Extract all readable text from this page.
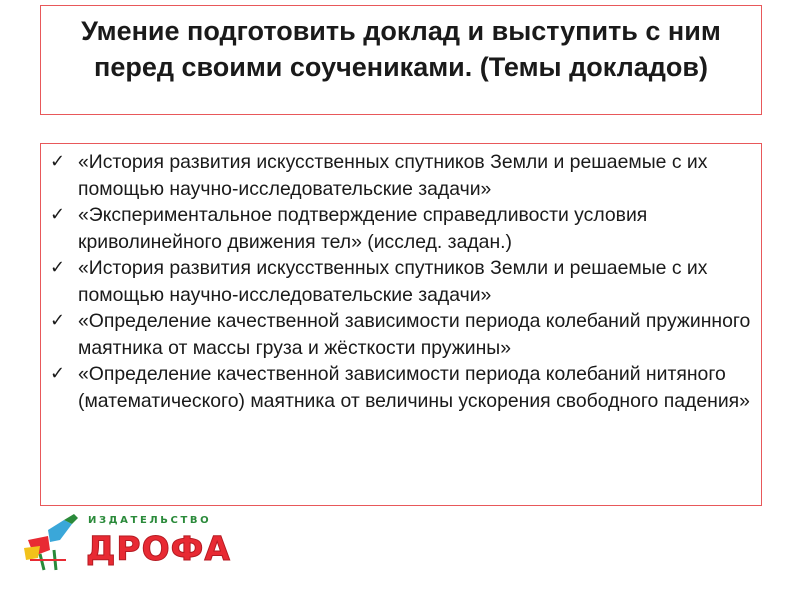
Умение подготовить доклад и выступить с ним перед своими соучениками. (Темы докладов)
✓ «История развития искусственных спутников Земли и решаемые с их помощью научно-исследовательские задачи»
✓ «Экспериментальное подтверждение справедливости условия криволинейного движения тел» (исслед. задан.)
✓ «История развития искусственных спутников Земли и решаемые с их помощью научно-исследовательские задачи»
✓ «Определение качественной зависимости периода колебаний пружинного маятника от массы груза и жёсткости пружины»
✓ «Определение качественной зависимости периода колебаний нитяного (математического) маятника от величины ускорения свободного падения»
ИЗДАТЕЛЬСТВО
ДРОФА
